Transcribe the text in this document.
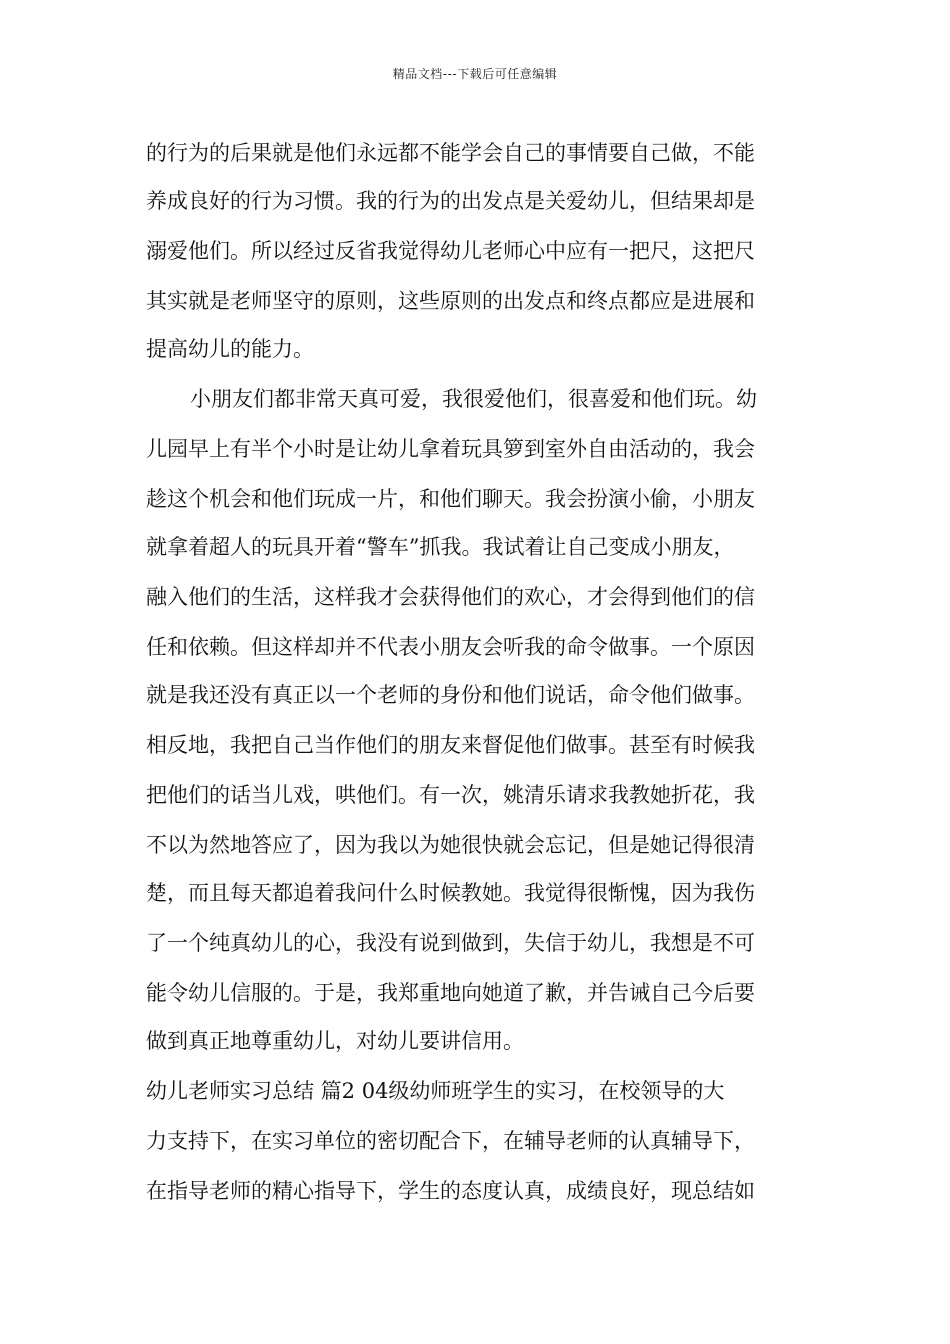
精品文档---下载后可任意编辑
的行为的后果就是他们永远都不能学会自己的事情要自己做，不能
养成良好的行为习惯。我的行为的出发点是关爱幼儿，但结果却是
溺爱他们。所以经过反省我觉得幼儿老师心中应有一把尺，这把尺
其实就是老师坚守的原则，这些原则的出发点和终点都应是进展和
提高幼儿的能力。
小朋友们都非常天真可爱，我很爱他们，很喜爱和他们玩。幼
儿园早上有半个小时是让幼儿拿着玩具箩到室外自由活动的，我会
趁这个机会和他们玩成一片，和他们聊天。我会扮演小偷，小朋友
就拿着超人的玩具开着“警车”抓我。我试着让自己变成小朋友，
融入他们的生活，这样我才会获得他们的欢心，才会得到他们的信
任和依赖。但这样却并不代表小朋友会听我的命令做事。一个原因
就是我还没有真正以一个老师的身份和他们说话，命令他们做事。
相反地，我把自己当作他们的朋友来督促他们做事。甚至有时候我
把他们的话当儿戏，哄他们。有一次，姚清乐请求我教她折花，我
不以为然地答应了，因为我以为她很快就会忘记，但是她记得很清
楚，而且每天都追着我问什么时候教她。我觉得很惭愧，因为我伤
了一个纯真幼儿的心，我没有说到做到，失信于幼儿，我想是不可
能令幼儿信服的。于是，我郑重地向她道了歉，并告诫自己今后要
做到真正地尊重幼儿，对幼儿要讲信用。
幼儿老师实习总结 篇2 04级幼师班学生的实习，在校领导的大
力支持下，在实习单位的密切配合下，在辅导老师的认真辅导下，
在指导老师的精心指导下，学生的态度认真，成绩良好，现总结如
